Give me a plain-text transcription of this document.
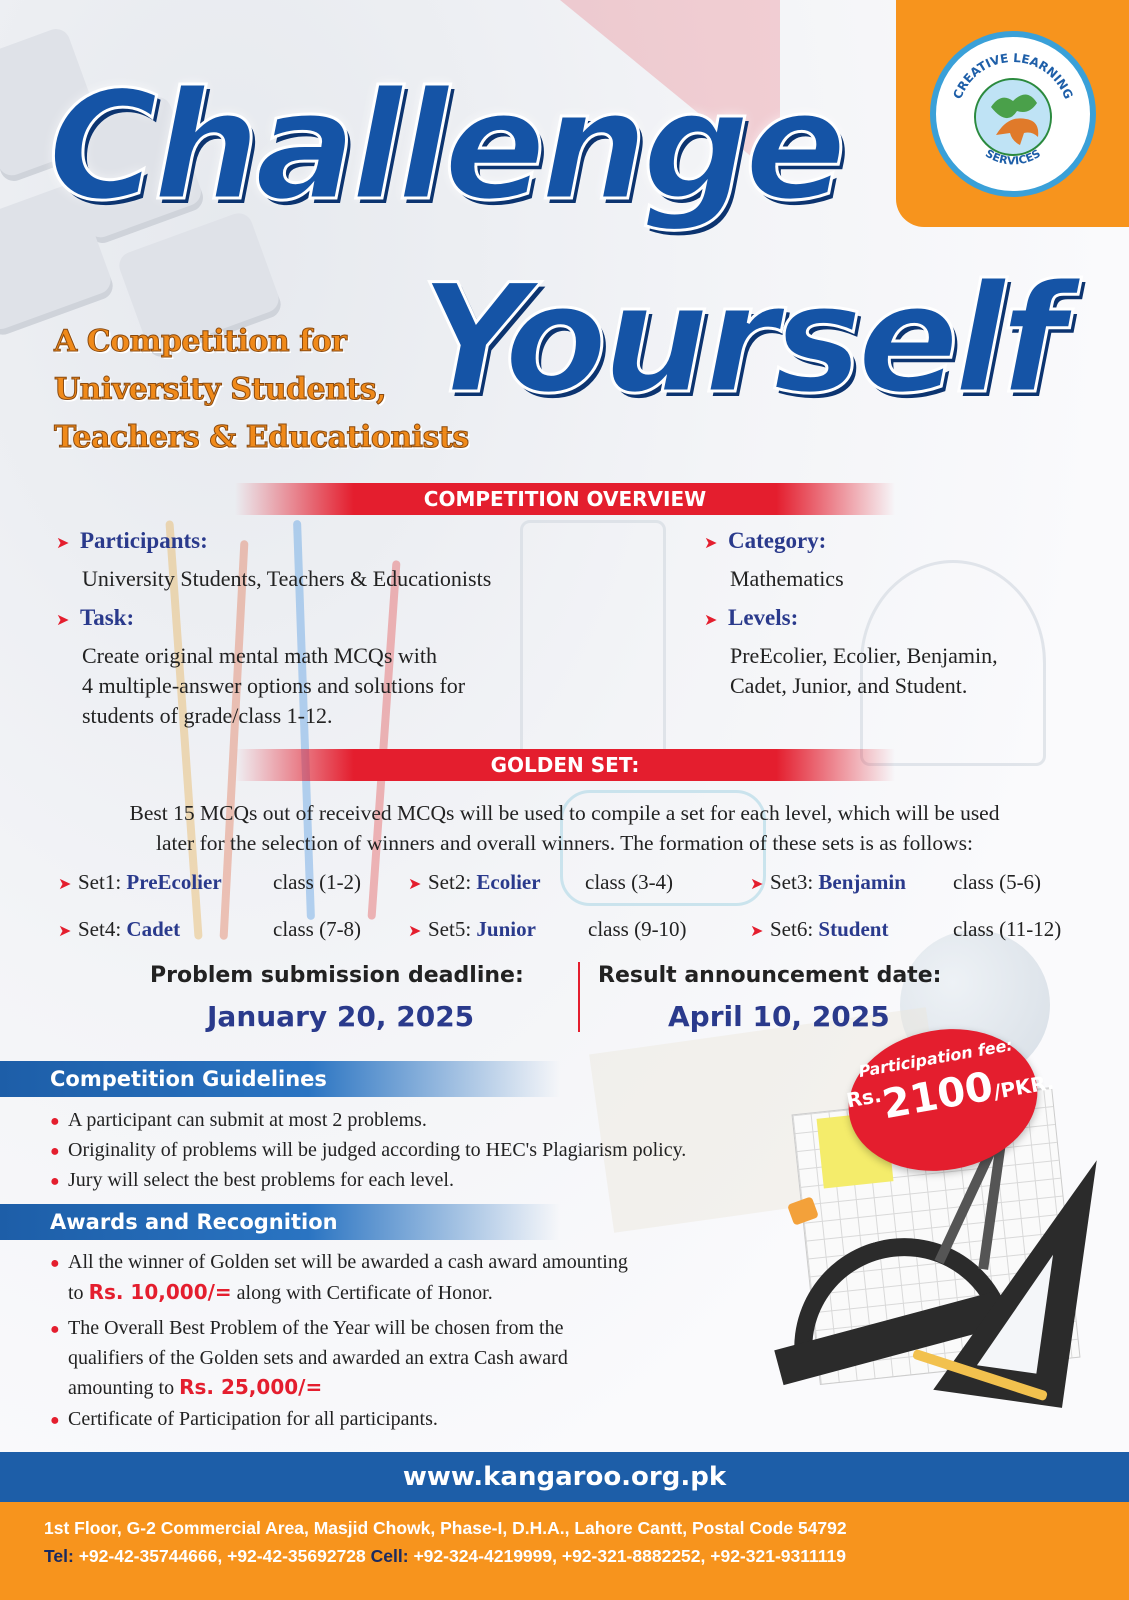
CREATIVE LEARNING
SERVICES
Challenge
Yourself
A Competition for
University Students,
Teachers & Educationists
COMPETITION OVERVIEW
➤ Participants:
University Students, Teachers & Educationists
➤ Task:
Create original mental math MCQs with
4 multiple-answer options and solutions for
students of grade/class 1-12.
➤ Category:
Mathematics
➤ Levels:
PreEcolier, Ecolier, Benjamin,
Cadet, Junior, and Student.
GOLDEN SET:
Best 15 MCQs out of received MCQs will be used to compile a set for each level, which will be used
later for the selection of winners and overall winners. The formation of these sets is as follows:
➤ Set1: PreEcolier class (1-2)	➤ Set2: Ecolier class (3-4)	➤ Set3: Benjamin class (5-6)
➤ Set4: Cadet	class (7-8)	➤ Set5: Junior class (9-10)	➤ Set6: Student	class (11-12)
Problem submission deadline:
January 20, 2025
Result announcement date:
April 10, 2025
Participation fee:
Rs.2100/PKR.
Competition Guidelines
● A participant can submit at most 2 problems.
● Originality of problems will be judged according to HEC's Plagiarism policy.
● Jury will select the best problems for each level.
Awards and Recognition
● All the winner of Golden set will be awarded a cash award amounting
to Rs. 10,000/= along with Certificate of Honor.
● The Overall Best Problem of the Year will be chosen from the
qualifiers of the Golden sets and awarded an extra Cash award
amounting to Rs. 25,000/=
● Certificate of Participation for all participants.
www.kangaroo.org.pk
1st Floor, G-2 Commercial Area, Masjid Chowk, Phase-I, D.H.A., Lahore Cantt, Postal Code 54792
Tel: +92-42-35744666, +92-42-35692728 Cell: +92-324-4219999, +92-321-8882252, +92-321-9311119
